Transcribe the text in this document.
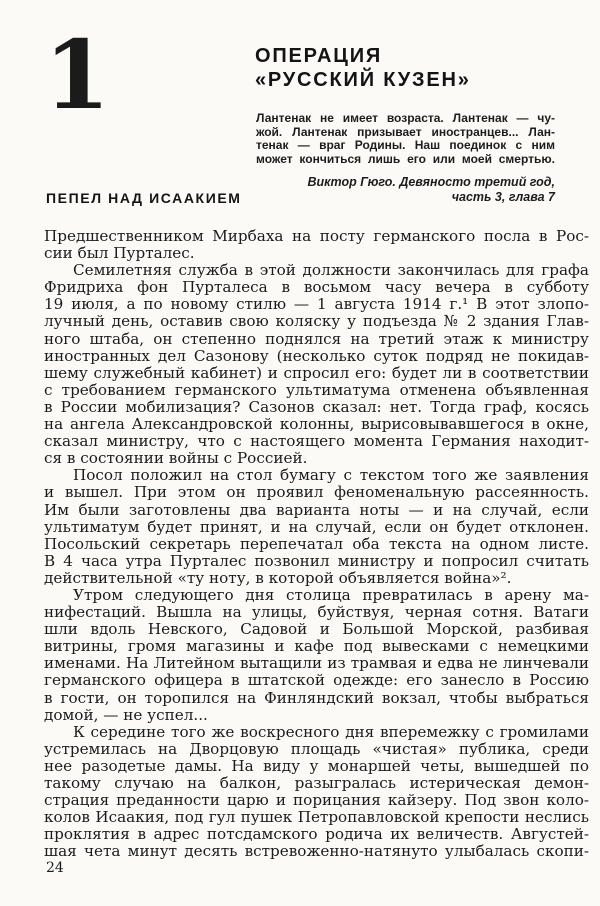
1	ОПЕРАЦИЯ
«РУССКИЙ КУЗЕН»
Лантенак не имеет возраста. Лантенак — чу-
жой. Лантенак призывает иностранцев... Лан-
тенак — враг Родины. Наш поединок с ним
может кончиться лишь его или моей смертью.
Виктор Гюго. Девяносто третий год,
часть 3, глава 7
ПЕПЕЛ НАД ИСААКИЕМ
Предшественником Мирбаха на посту германского посла в Рос-
сии был Пурталес.
Семилетняя служба в этой должности закончилась для графа
Фридриха фон Пурталеса в восьмом часу вечера в субботу
19 июля, а по новому стилю — 1 августа 1914 г.¹ В этот злопо-
лучный день, оставив свою коляску у подъезда № 2 здания Глав-
ного штаба, он степенно поднялся на третий этаж к министру
иностранных дел Сазонову (несколько суток подряд не покидав-
шему служебный кабинет) и спросил его: будет ли в соответствии
с требованием германского ультиматума отменена объявленная
в России мобилизация? Сазонов сказал: нет. Тогда граф, косясь
на ангела Александровской колонны, вырисовывавшегося в окне,
сказал министру, что с настоящего момента Германия находит-
ся в состоянии войны с Россией.
Посол положил на стол бумагу с текстом того же заявления
и вышел. При этом он проявил феноменальную рассеянность.
Им были заготовлены два варианта ноты — и на случай, если
ультиматум будет принят, и на случай, если он будет отклонен.
Посольский секретарь перепечатал оба текста на одном листе.
В 4 часа утра Пурталес позвонил министру и попросил считать
действительной «ту ноту, в которой объявляется война»².
Утром следующего дня столица превратилась в арену ма-
нифестаций. Вышла на улицы, буйствуя, черная сотня. Ватаги
шли вдоль Невского, Садовой и Большой Морской, разбивая
витрины, громя магазины и кафе под вывесками с немецкими
именами. На Литейном вытащили из трамвая и едва не линчевали
германского офицера в штатской одежде: его занесло в Россию
в гости, он торопился на Финляндский вокзал, чтобы выбраться
домой, — не успел...
К середине того же воскресного дня вперемежку с громилами
устремилась на Дворцовую площадь «чистая» публика, среди
нее разодетые дамы. На виду у монаршей четы, вышедшей по
такому случаю на балкон, разыгралась истерическая демон-
страция преданности царю и порицания кайзеру. Под звон коло-
колов Исаакия, под гул пушек Петропавловской крепости неслись
проклятия в адрес потсдамского родича их величеств. Августей-
шая чета минут десять встревоженно-натянуто улыбалась скопи-
24
